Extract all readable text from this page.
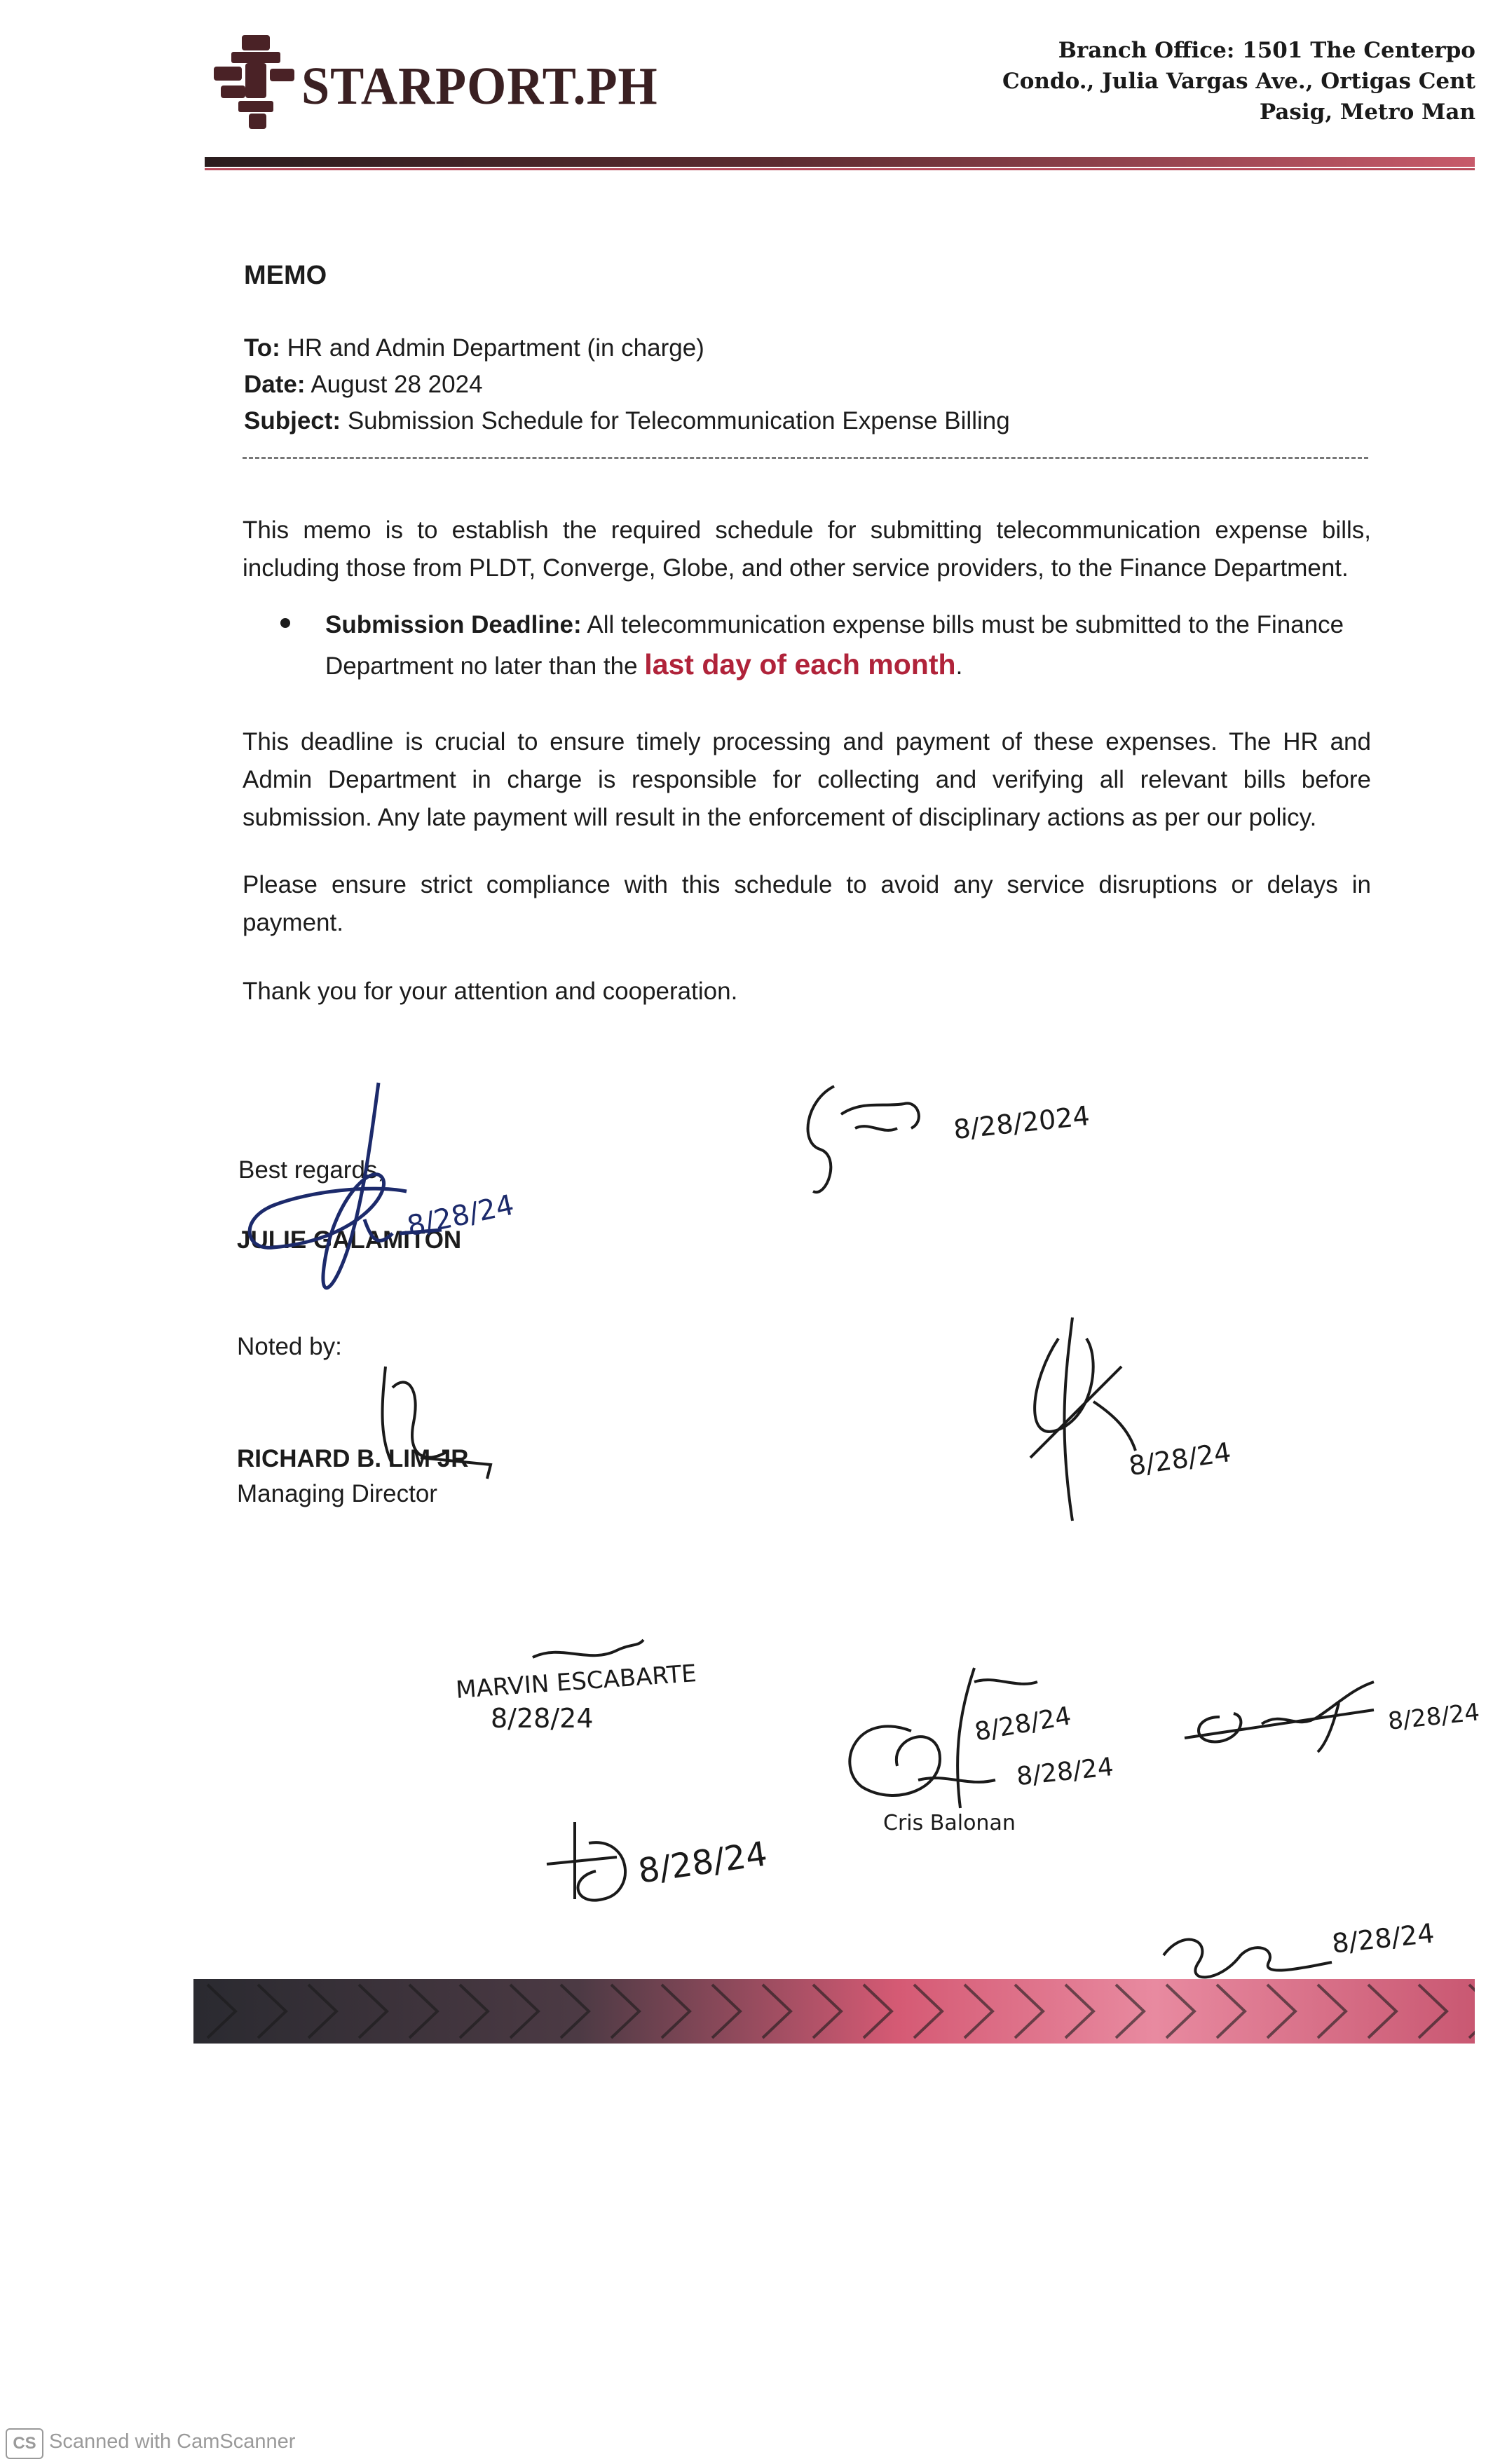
STARPORT.PH
Branch Office: 1501 The Centerpo
Condo., Julia Vargas Ave., Ortigas Cent
Pasig, Metro Man
MEMO
To: HR and Admin Department (in charge)
Date: August 28 2024
Subject: Submission Schedule for Telecommunication Expense Billing
This memo is to establish the required schedule for submitting telecommunication expense bills, including those from PLDT, Converge, Globe, and other service providers, to the Finance Department.
Submission Deadline: All telecommunication expense bills must be submitted to the Finance Department no later than the last day of each month.
This deadline is crucial to ensure timely processing and payment of these expenses. The HR and Admin Department in charge is responsible for collecting and verifying all relevant bills before submission. Any late payment will result in the enforcement of disciplinary actions as per our policy.
Please ensure strict compliance with this schedule to avoid any service disruptions or delays in payment.
Thank you for your attention and cooperation.
Best regards,
JULIE GALAMITON
8/28/24
8/28/2024
Noted by:
RICHARD B. LIM JR
Managing Director
8/28/24
MARVIN ESCABARTE
8/28/24	8/28/24
8/28/24
Cris Balonan
8/28/24
8/28/24
8/28/24
CS Scanned with CamScanner
